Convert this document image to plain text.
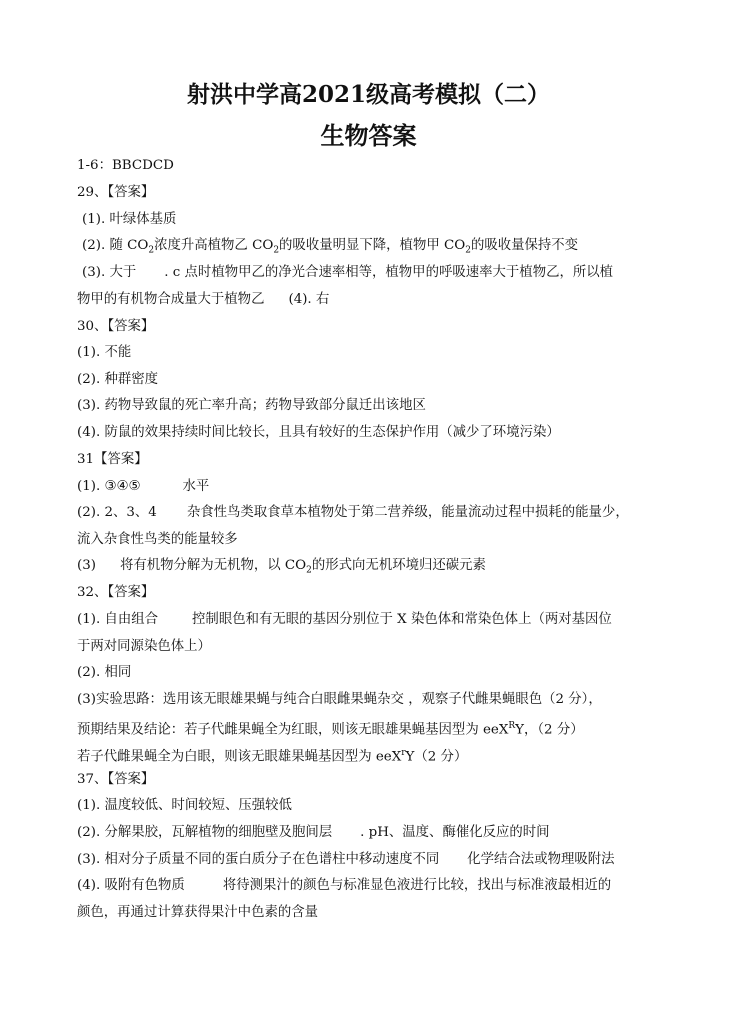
射洪中学高2021级高考模拟（二）
生物答案
1-6：BBCDCD
29、【答案】
(1). 叶绿体基质
(2). 随 $CO_2$浓度升高植物乙 $CO_2$的吸收量明显下降，植物甲 $CO_2$的吸收量保持不变
(3). 大于 . c 点时植物甲乙的净光合速率相等，植物甲的呼吸速率大于植物乙，所以植
物甲的有机物合成量大于植物乙 (4). 右
30、【答案】
(1). 不能
(2). 种群密度
(3). 药物导致鼠的死亡率升高；药物导致部分鼠迁出该地区
(4). 防鼠的效果持续时间比较长，且具有较好的生态保护作用（减少了环境污染）
31【答案】
(1). ③④⑤	水平
(2). 2、3、4 杂食性鸟类取食草本植物处于第二营养级，能量流动过程中损耗的能量少，
流入杂食性鸟类的能量较多
(3) 将有机物分解为无机物，以 $CO_2$的形式向无机环境归还碳元素
32、【答案】
(1). 自由组合	控制眼色和有无眼的基因分别位于 X 染色体和常染色体上（两对基因位
于两对同源染色体上）
(2). 相同
(3)实验思路：选用该无眼雄果蝇与纯合白眼雌果蝇杂交 ，观察子代雌果蝇眼色（2 分），
预期结果及结论：若子代雌果蝇全为红眼，则该无眼雄果蝇基因型为 eeX$^R$Y，（2 分）
若子代雌果蝇全为白眼，则该无眼雄果蝇基因型为 eeX$^r$Y（2 分）
37、【答案】
(1). 温度较低、时间较短、压强较低
(2). 分解果胶，瓦解植物的细胞壁及胞间层 . pH、温度、酶催化反应的时间
(3). 相对分子质量不同的蛋白质分子在色谱柱中移动速度不同 化学结合法或物理吸附法
(4). 吸附有色物质	将待测果汁的颜色与标准显色液进行比较，找出与标准液最相近的
颜色，再通过计算获得果汁中色素的含量
